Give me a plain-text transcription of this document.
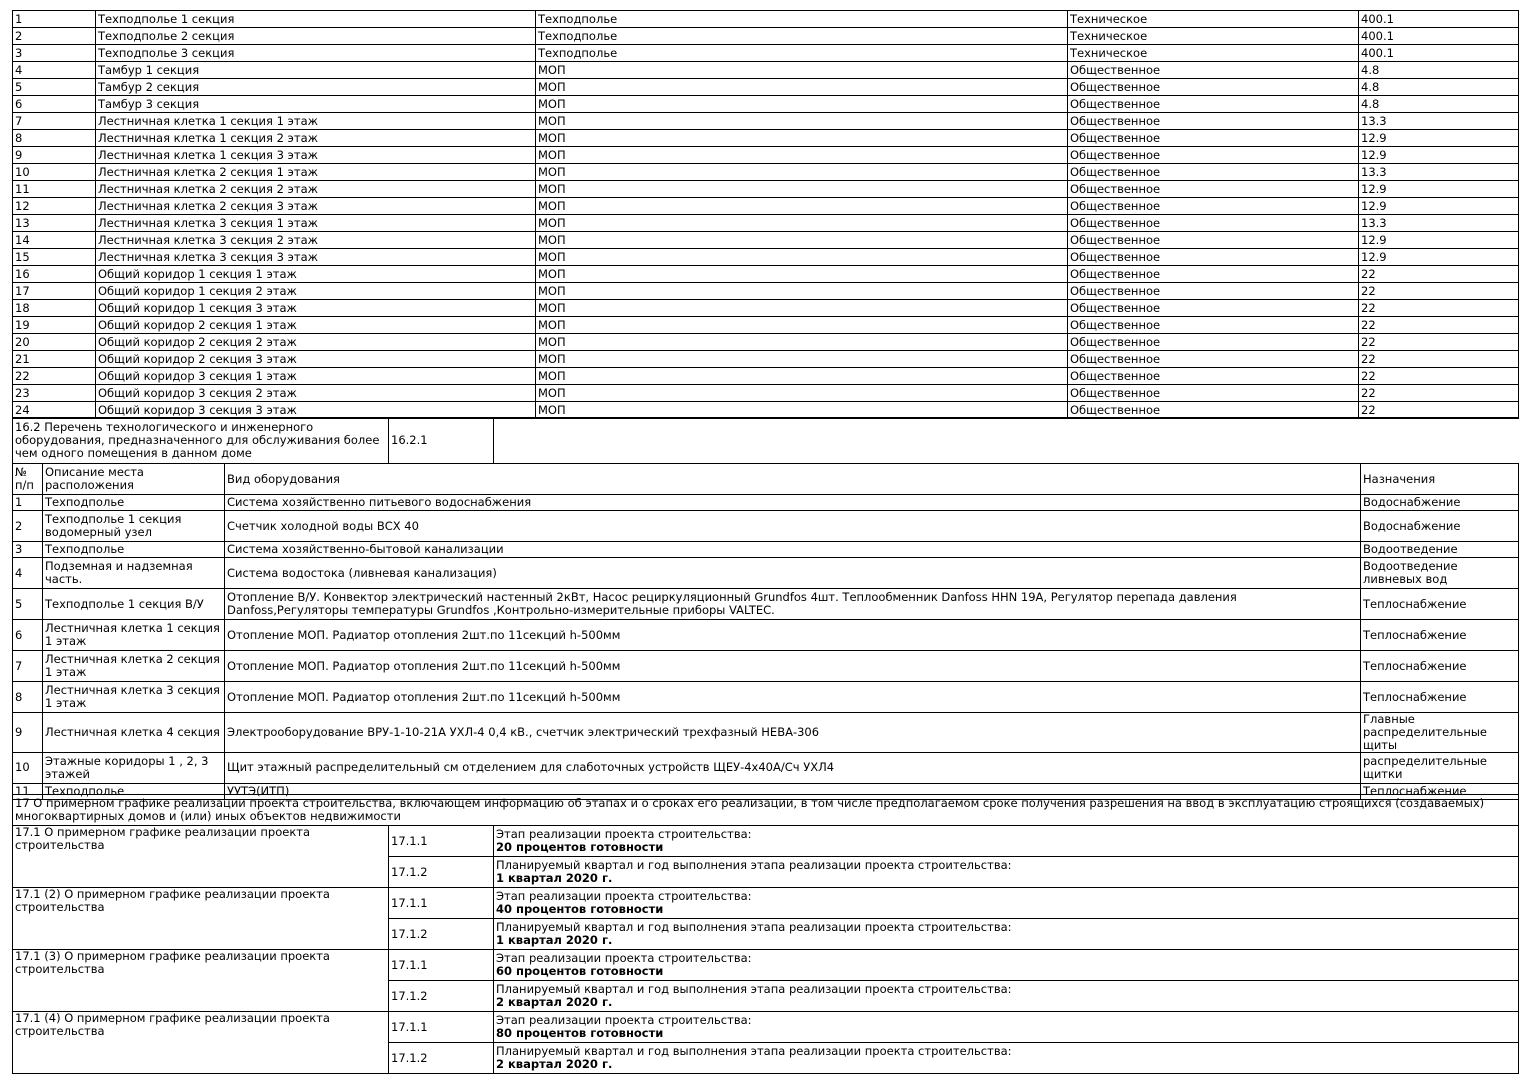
1	Техподполье 1 секция	Техподполье	Техническое	400.1
2	Техподполье 2 секция	Техподполье	Техническое	400.1
3	Техподполье 3 секция	Техподполье	Техническое	400.1
4	Тамбур 1 секция	МОП	Общественное	4.8
5	Тамбур 2 секция	МОП	Общественное	4.8
6	Тамбур 3 секция	МОП	Общественное	4.8
7	Лестничная клетка 1 секция 1 этаж	МОП	Общественное	13.3
8	Лестничная клетка 1 секция 2 этаж	МОП	Общественное	12.9
9	Лестничная клетка 1 секция 3 этаж	МОП	Общественное	12.9
10	Лестничная клетка 2 секция 1 этаж	МОП	Общественное	13.3
11	Лестничная клетка 2 секция 2 этаж	МОП	Общественное	12.9
12	Лестничная клетка 2 секция 3 этаж	МОП	Общественное	12.9
13	Лестничная клетка 3 секция 1 этаж	МОП	Общественное	13.3
14	Лестничная клетка 3 секция 2 этаж	МОП	Общественное	12.9
15	Лестничная клетка 3 секция 3 этаж	МОП	Общественное	12.9
16	Общий коридор 1 секция 1 этаж	МОП	Общественное	22
17	Общий коридор 1 секция 2 этаж	МОП	Общественное	22
18	Общий коридор 1 секция 3 этаж	МОП	Общественное	22
19	Общий коридор 2 секция 1 этаж	МОП	Общественное	22
20	Общий коридор 2 секция 2 этаж	МОП	Общественное	22
21	Общий коридор 2 секция 3 этаж	МОП	Общественное	22
22	Общий коридор 3 секция 1 этаж	МОП	Общественное	22
23	Общий коридор 3 секция 2 этаж	МОП	Общественное	22
24	Общий коридор 3 секция 3 этаж	МОП	Общественное	22
16.2 Перечень технологического и инженерного оборудования, предназначенного для обслуживания более чем одного помещения в данном доме	16.2.1	
№ п/п	Описание места расположения	Вид оборудования	Назначения
1	Техподполье	Система хозяйственно питьевого водоснабжения	Водоснабжение
2	Техподполье 1 секция водомерный узел	Счетчик холодной воды ВСХ 40	Водоснабжение
3	Техподполье	Система хозяйственно-бытовой канализации	Водоотведение
4	Подземная и надземная часть.	Система водостока (ливневая канализация)	Водоотведение ливневых вод
5	Техподполье 1 секция В/У	Отопление В/У. Конвектор электрический настенный 2кВт, Насос рециркуляционный Grundfos 4шт. Теплообменник Danfoss HHN 19A, Регулятор перепада давления Danfoss,Регуляторы температуры Grundfos ,Контрольно-измерительные приборы VALTEC.	Теплоснабжение
6	Лестничная клетка 1 секция 1 этаж	Отопление МОП. Радиатор отопления 2шт.по 11секций h-500мм	Теплоснабжение
7	Лестничная клетка 2 секция 1 этаж	Отопление МОП. Радиатор отопления 2шт.по 11секций h-500мм	Теплоснабжение
8	Лестничная клетка 3 секция 1 этаж	Отопление МОП. Радиатор отопления 2шт.по 11секций h-500мм	Теплоснабжение
9	Лестничная клетка 4 секция	Электрооборудование ВРУ-1-10-21А УХЛ-4 0,4 кВ., счетчик электрический трехфазный НЕВА-306	Главные распределительные щиты
10	Этажные коридоры 1 , 2, 3 этажей	Щит этажный распределительный см отделением для слаботочных устройств ЩЕУ-4х40А/Сч УХЛ4	распределительные щитки
11	Техподполье	УУТЭ(ИТП)	Теплоснабжение
17 О примерном графике реализации проекта строительства, включающем информацию об этапах и о сроках его реализации, в том числе предполагаемом сроке получения разрешения на ввод в эксплуатацию строящихся (создаваемых) многоквартирных домов и (или) иных объектов недвижимости
17.1 О примерном графике реализации проекта строительства	17.1.1	Этап реализации проекта строительства:
20 процентов готовности

	17.1.2	Планируемый квартал и год выполнения этапа реализации проекта строительства:
1 квартал 2020 г.

17.1 (2) О примерном графике реализации проекта строительства	17.1.1	Этап реализации проекта строительства:
40 процентов готовности

	17.1.2	Планируемый квартал и год выполнения этапа реализации проекта строительства:
1 квартал 2020 г.

17.1 (3) О примерном графике реализации проекта строительства	17.1.1	Этап реализации проекта строительства:
60 процентов готовности

	17.1.2	Планируемый квартал и год выполнения этапа реализации проекта строительства:
2 квартал 2020 г.

17.1 (4) О примерном графике реализации проекта строительства	17.1.1	Этап реализации проекта строительства:
80 процентов готовности

	17.1.2	Планируемый квартал и год выполнения этапа реализации проекта строительства:
2 квартал 2020 г.
